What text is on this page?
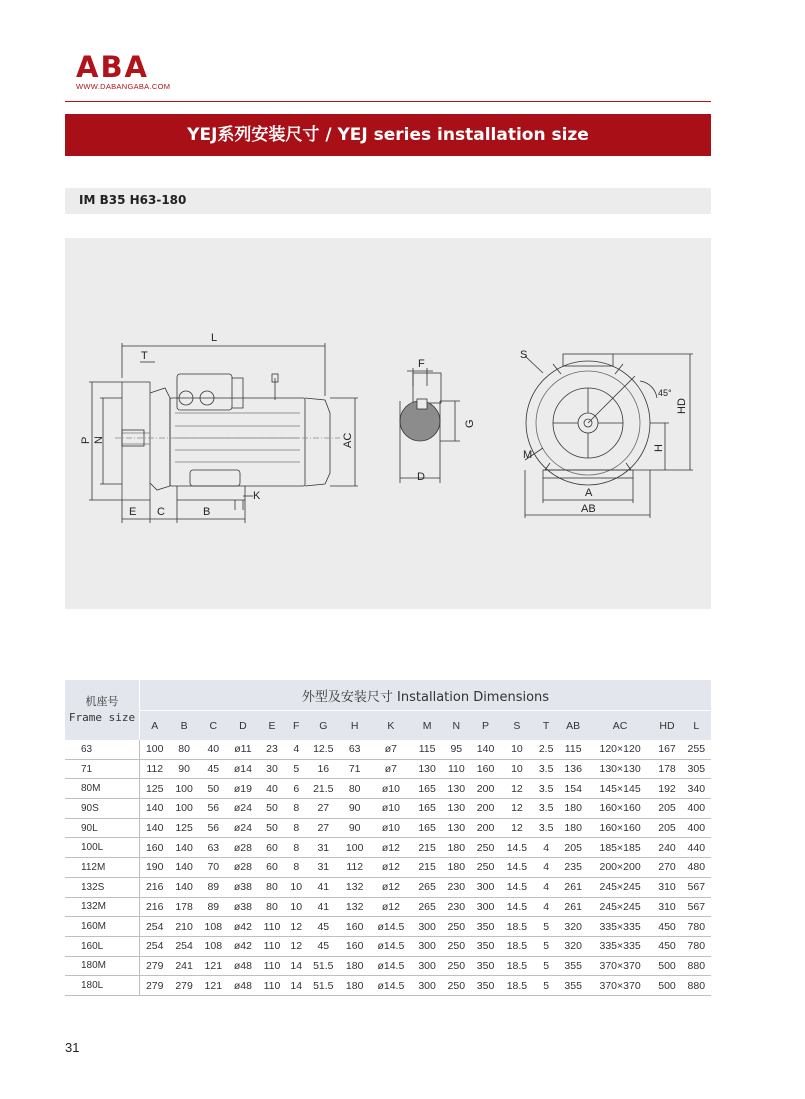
ABA
WWW.DABANGABA.COM
YEJ系列安装尺寸 / YEJ series installation size
IM B35 H63-180
L
T
P N	AC
E C	B
K
F
G
D
S
HD
45°
H
M
A
AB
机座号
Frame size	外型及安装尺寸 Installation Dimensions																	
	A	B	C	D	E	F	G	H	K	M	N	P	S	T	AB	AC	HD	L
63	100	80	40	ø11	23	4	12.5	63	ø7	115	95	140	10	2.5	115	120×120	167	255
71	112	90	45	ø14	30	5	16	71	ø7	130	110	160	10	3.5	136	130×130	178	305
80M	125	100	50	ø19	40	6	21.5	80	ø10	165	130	200	12	3.5	154	145×145	192	340
90S	140	100	56	ø24	50	8	27	90	ø10	165	130	200	12	3.5	180	160×160	205	400
90L	140	125	56	ø24	50	8	27	90	ø10	165	130	200	12	3.5	180	160×160	205	400
100L	160	140	63	ø28	60	8	31	100	ø12	215	180	250	14.5	4	205	185×185	240	440
112M	190	140	70	ø28	60	8	31	112	ø12	215	180	250	14.5	4	235	200×200	270	480
132S	216	140	89	ø38	80	10	41	132	ø12	265	230	300	14.5	4	261	245×245	310	567
132M	216	178	89	ø38	80	10	41	132	ø12	265	230	300	14.5	4	261	245×245	310	567
160M	254	210	108	ø42	110	12	45	160	ø14.5	300	250	350	18.5	5	320	335×335	450	780
160L	254	254	108	ø42	110	12	45	160	ø14.5	300	250	350	18.5	5	320	335×335	450	780
180M	279	241	121	ø48	110	14	51.5	180	ø14.5	300	250	350	18.5	5	355	370×370	500	880
180L	279	279	121	ø48	110	14	51.5	180	ø14.5	300	250	350	18.5	5	355	370×370	500	880
31
